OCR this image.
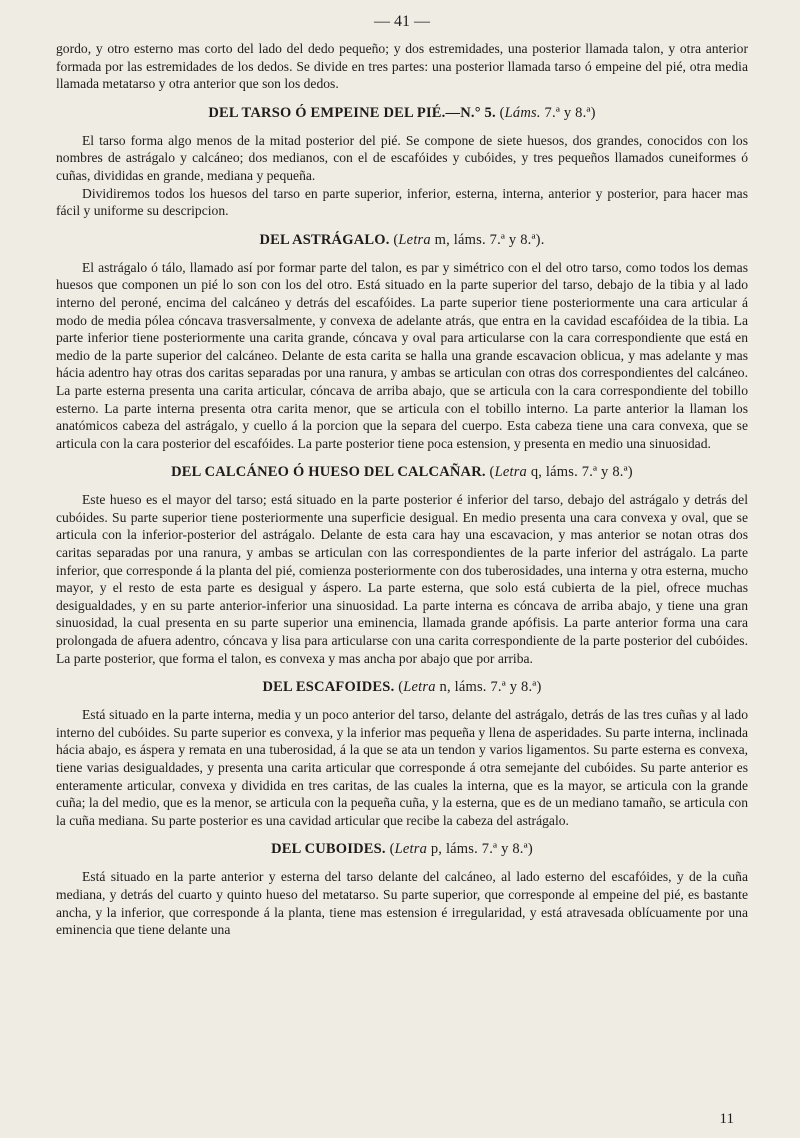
— 41 —

gordo, y otro esterno mas corto del lado del dedo pequeño; y dos estremidades, una posterior llamada talon, y otra anterior formada por las estremidades de los dedos. Se divide en tres partes: una posterior llamada tarso ó empeine del pié, otra media llamada metatarso y otra anterior que son los dedos.

DEL TARSO Ó EMPEINE DEL PIÉ.—N.° 5. (Láms. 7.ª y 8.ª)

El tarso forma algo menos de la mitad posterior del pié. Se compone de siete huesos, dos grandes, conocidos con los nombres de astrágalo y calcáneo; dos medianos, con el de escafóides y cubóides, y tres pequeños llamados cuneiformes ó cuñas, divididas en grande, mediana y pequeña.

Dividiremos todos los huesos del tarso en parte superior, inferior, esterna, interna, anterior y posterior, para hacer mas fácil y uniforme su descripcion.

DEL ASTRÁGALO. (Letra m, láms. 7.ª y 8.ª).

El astrágalo ó tálo, llamado así por formar parte del talon, es par y simétrico con el del otro tarso, como todos los demas huesos que componen un pié lo son con los del otro. Está situado en la parte superior del tarso, debajo de la tibia y al lado interno del peroné, encima del calcáneo y detrás del escafóides. La parte superior tiene posteriormente una cara articular á modo de media pólea cóncava trasversalmente, y convexa de adelante atrás, que entra en la cavidad escafóidea de la tibia. La parte inferior tiene posteriormente una carita grande, cóncava y oval para articularse con la cara correspondiente que está en medio de la parte superior del calcáneo. Delante de esta carita se halla una grande escavacion oblicua, y mas adelante y mas hácia adentro hay otras dos caritas separadas por una ranura, y ambas se articulan con otras dos correspondientes del calcáneo. La parte esterna presenta una carita articular, cóncava de arriba abajo, que se articula con la cara correspondiente del tobillo esterno. La parte interna presenta otra carita menor, que se articula con el tobillo interno. La parte anterior la llaman los anatómicos cabeza del astrágalo, y cuello á la porcion que la separa del cuerpo. Esta cabeza tiene una cara convexa, que se articula con la cara posterior del escafóides. La parte posterior tiene poca estension, y presenta en medio una sinuosidad.

DEL CALCÁNEO Ó HUESO DEL CALCAÑAR. (Letra q, láms. 7.ª y 8.ª)

Este hueso es el mayor del tarso; está situado en la parte posterior é inferior del tarso, debajo del astrágalo y detrás del cubóides. Su parte superior tiene posteriormente una superficie desigual. En medio presenta una cara convexa y oval, que se articula con la inferior-posterior del astrágalo. Delante de esta cara hay una escavacion, y mas anterior se notan otras dos caritas separadas por una ranura, y ambas se articulan con las correspondientes de la parte inferior del astrágalo. La parte inferior, que corresponde á la planta del pié, comienza posteriormente con dos tuberosidades, una interna y otra esterna, mucho mayor, y el resto de esta parte es desigual y áspero. La parte esterna, que solo está cubierta de la piel, ofrece muchas desigualdades, y en su parte anterior-inferior una sinuosidad. La parte interna es cóncava de arriba abajo, y tiene una gran sinuosidad, la cual presenta en su parte superior una eminencia, llamada grande apófisis. La parte anterior forma una cara prolongada de afuera adentro, cóncava y lisa para articularse con una carita correspondiente de la parte posterior del cubóides. La parte posterior, que forma el talon, es convexa y mas ancha por abajo que por arriba.

DEL ESCAFOIDES. (Letra n, láms. 7.ª y 8.ª)

Está situado en la parte interna, media y un poco anterior del tarso, delante del astrágalo, detrás de las tres cuñas y al lado interno del cubóides. Su parte superior es convexa, y la inferior mas pequeña y llena de asperidades. Su parte interna, inclinada hácia abajo, es áspera y remata en una tuberosidad, á la que se ata un tendon y varios ligamentos. Su parte esterna es convexa, tiene varias desigualdades, y presenta una carita articular que corresponde á otra semejante del cubóides. Su parte anterior es enteramente articular, convexa y dividida en tres caritas, de las cuales la interna, que es la mayor, se articula con la grande cuña; la del medio, que es la menor, se articula con la pequeña cuña, y la esterna, que es de un mediano tamaño, se articula con la cuña mediana. Su parte posterior es una cavidad articular que recibe la cabeza del astrágalo.

DEL CUBOIDES. (Letra p, láms. 7.ª y 8.ª)

Está situado en la parte anterior y esterna del tarso delante del calcáneo, al lado esterno del escafóides, y de la cuña mediana, y detrás del cuarto y quinto hueso del metatarso. Su parte superior, que corresponde al empeine del pié, es bastante ancha, y la inferior, que corresponde á la planta, tiene mas estension é irregularidad, y está atravesada oblícuamente por una eminencia que tiene delante una

11
